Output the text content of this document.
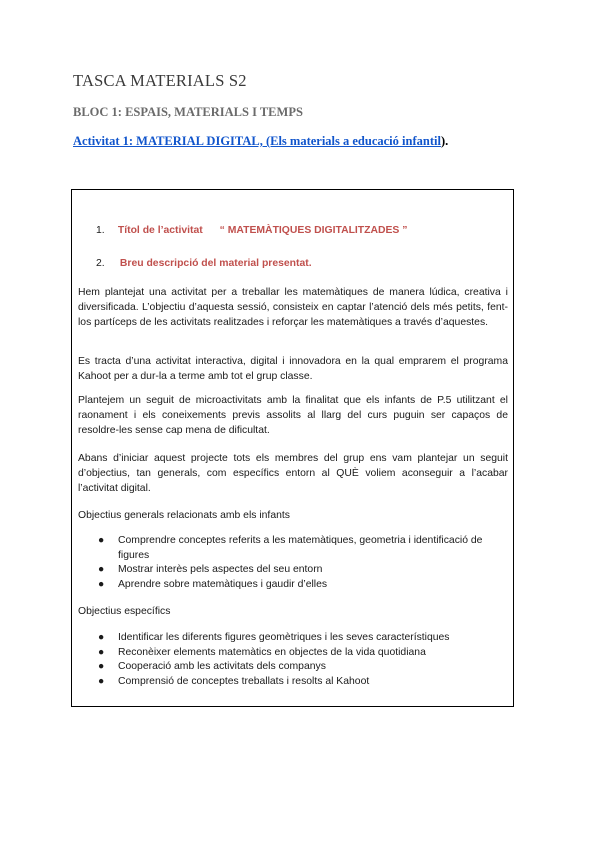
TASCA MATERIALS S2
BLOC 1: ESPAIS, MATERIALS I TEMPS
Activitat 1: MATERIAL DIGITAL, (Els materials a educació infantil).
1. Títol de l’activitat “ MATEMÀTIQUES DIGITALITZADES ”
2. Breu descripció del material presentat.

Hem plantejat una activitat per a treballar les matemàtiques de manera lúdica, creativa i diversificada. L’objectiu d’aquesta sessió, consisteix en captar l’atenció dels més petits, fent-los partíceps de les activitats realitzades i reforçar les matemàtiques a través d’aquestes.

Es tracta d’una activitat interactiva, digital i innovadora en la qual emprarem el programa Kahoot per a dur-la a terme amb tot el grup classe.

Plantejem un seguit de microactivitats amb la finalitat que els infants de P.5 utilitzant el raonament i els coneixements previs assolits al llarg del curs puguin ser capaços de resoldre-les sense cap mena de dificultat.

Abans d’iniciar aquest projecte tots els membres del grup ens vam plantejar un seguit d’objectius, tan generals, com específics entorn al QUÈ voliem aconseguir a l’acabar l’activitat digital.

Objectius generals relacionats amb els infants

● Comprendre conceptes referits a les matemàtiques, geometria i identificació de figures
● Mostrar interès pels aspectes del seu entorn
● Aprendre sobre matemàtiques i gaudir d’elles

Objectius específics

● Identificar les diferents figures geomètriques i les seves característiques
● Reconèixer elements matemàtics en objectes de la vida quotidiana
● Cooperació amb les activitats dels companys
● Comprensió de conceptes treballats i resolts al Kahoot
